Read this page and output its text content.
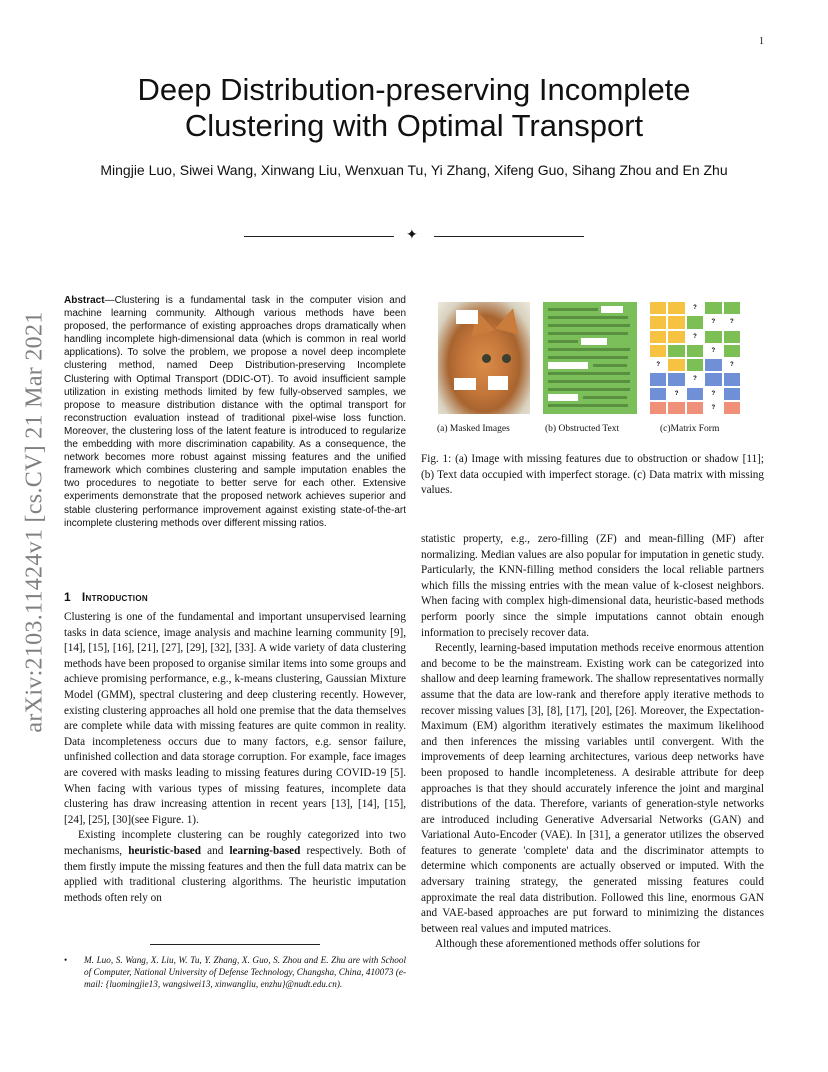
1
Deep Distribution-preserving Incomplete
Clustering with Optimal Transport
Mingjie Luo, Siwei Wang, Xinwang Liu, Wenxuan Tu, Yi Zhang, Xifeng Guo, Sihang Zhou and En Zhu
✦
arXiv:2103.11424v1 [cs.CV] 21 Mar 2021
Abstract—Clustering is a fundamental task in the computer vision and machine learning community. Although various methods have been proposed, the performance of existing approaches drops dramatically when handling incomplete high-dimensional data (which is common in real world applications). To solve the problem, we propose a novel deep incomplete clustering method, named Deep Distribution-preserving Incomplete Clustering with Optimal Transport (DDIC-OT). To avoid insufficient sample utilization in existing methods limited by few fully-observed samples, we propose to measure distribution distance with the optimal transport for reconstruction evaluation instead of traditional pixel-wise loss function. Moreover, the clustering loss of the latent feature is introduced to regularize the embedding with more discrimination capability. As a consequence, the network becomes more robust against missing features and the unified framework which combines clustering and sample imputation enables the two procedures to negotiate to better serve for each other. Extensive experiments demonstrate that the proposed network achieves superior and stable clustering performance improvement against existing state-of-the-art incomplete clustering methods over different missing ratios.
1 Introduction

Clustering is one of the fundamental and important unsupervised learning tasks in data science, image analysis and machine learning community [9], [14], [15], [16], [21], [27], [29], [32], [33]. A wide variety of data clustering methods have been proposed to organise similar items into some groups and achieve promising performance, e.g., k-means clustering, Gaussian Mixture Model (GMM), spectral clustering and deep clustering recently. However, existing clustering approaches all hold one premise that the data themselves are complete while data with missing features are quite common in reality. Data incompleteness occurs due to many factors, e.g. sensor failure, unfinished collection and data storage corruption. For example, face images are covered with masks leading to missing features during COVID-19 [5]. When facing with various types of missing features, incomplete data clustering has draw increasing attention in recent years [13], [14], [15], [24], [25], [30](see Figure. 1).

Existing incomplete clustering can be roughly categorized into two mechanisms, heuristic-based and learning-based respectively. Both of them firstly impute the missing features and then the full data matrix can be applied with traditional clustering algorithms. The heuristic imputation methods often rely on

• M. Luo, S. Wang, X. Liu, W. Tu, Y. Zhang, X. Guo, S. Zhou and E. Zhu are with School of Computer, National University of Defense Technology, Changsha, China, 410073 (e-mail: {luomingjie13, wangsiwei13, xinwangliu, enzhu}@nudt.edu.cn).
?
?	?
?
?
?	?
?
?	?
?
(a) Masked Images	(b) Obstructed Text	(c)Matrix Form
Fig. 1: (a) Image with missing features due to obstruction or shadow [11]; (b) Text data occupied with imperfect storage. (c) Data matrix with missing values.

statistic property, e.g., zero-filling (ZF) and mean-filling (MF) after normalizing. Median values are also popular for imputation in genetic study. Particularly, the KNN-filling method considers the local reliable partners which fills the missing entries with the mean value of k-closest neighbors. When facing with complex high-dimensional data, heuristic-based methods perform poorly since the simple imputations cannot obtain enough information to precisely recover data.

Recently, learning-based imputation methods receive enormous attention and become to be the mainstream. Existing work can be categorized into shallow and deep learning framework. The shallow representatives normally assume that the data are low-rank and therefore apply iterative methods to recover missing values [3], [8], [17], [20], [26]. Moreover, the Expectation-Maximum (EM) algorithm iteratively estimates the maximum likelihood and then inferences the missing variables until convergent. With the improvements of deep learning architectures, various deep networks have been proposed to handle incompleteness. A desirable attribute for deep approaches is that they should accurately inference the joint and marginal distributions of the data. Therefore, variants of generation-style networks are introduced including Generative Adversarial Networks (GAN) and Variational Auto-Encoder (VAE). In [31], a generator utilizes the observed features to generate 'complete' data and the discriminator attempts to determine which components are actually observed or imputed. With the adversary training strategy, the generated missing features could approximate the real data distribution. Followed this line, enormous GAN and VAE-based approaches are put forward to minimizing the distances between real values and imputed matrices.

Although these aforementioned methods offer solutions for
